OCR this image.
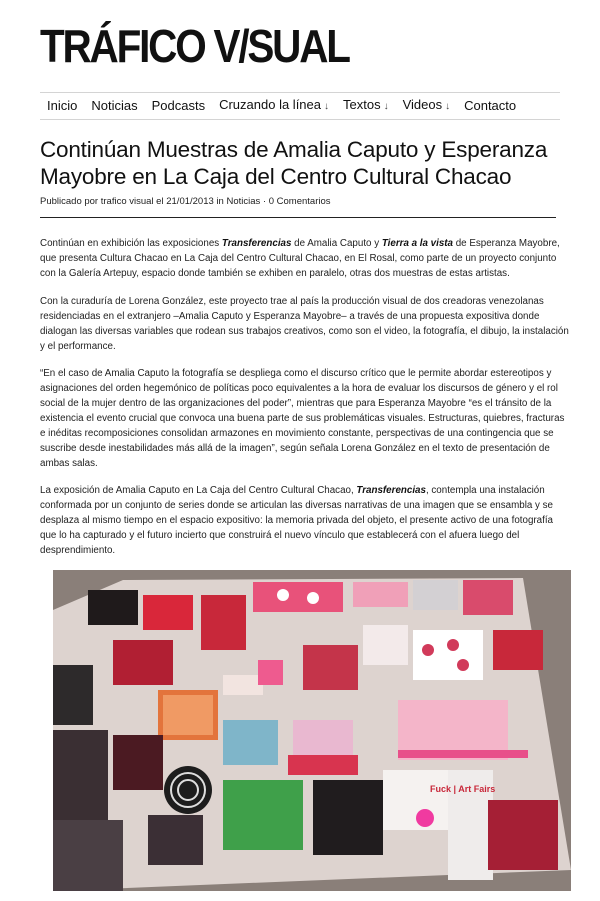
TRÁFICO V/SUAL
Inicio	Noticias	Podcasts	Cruzando la línea ↓	Textos ↓	Videos ↓	Contacto
Continúan Muestras de Amalia Caputo y Esperanza Mayobre en La Caja del Centro Cultural Chacao
Publicado por trafico visual el 21/01/2013 in Noticias · 0 Comentarios

Continúan en exhibición las exposiciones Transferencias de Amalia Caputo y Tierra a la vista de Esperanza Mayobre, que presenta Cultura Chacao en La Caja del Centro Cultural Chacao, en El Rosal, como parte de un proyecto conjunto con la Galería Artepuy, espacio donde también se exhiben en paralelo, otras dos muestras de estas artistas.

Con la curaduría de Lorena González, este proyecto trae al país la producción visual de dos creadoras venezolanas residenciadas en el extranjero –Amalia Caputo y Esperanza Mayobre– a través de una propuesta expositiva donde dialogan las diversas variables que rodean sus trabajos creativos, como son el video, la fotografía, el dibujo, la instalación y el performance.

“En el caso de Amalia Caputo la fotografía se despliega como el discurso crítico que le permite abordar estereotipos y asignaciones del orden hegemónico de políticas poco equivalentes a la hora de evaluar los discursos de género y el rol social de la mujer dentro de las organizaciones del poder”, mientras que para Esperanza Mayobre “es el tránsito de la existencia el evento crucial que convoca una buena parte de sus problemáticas visuales. Estructuras, quiebres, fracturas e inéditas recomposiciones consolidan armazones en movimiento constante, perspectivas de una contingencia que se suscribe desde inestabilidades más allá de la imagen”, según señala Lorena González en el texto de presentación de ambas salas.

La exposición de Amalia Caputo en La Caja del Centro Cultural Chacao, Transferencias, contempla una instalación conformada por un conjunto de series donde se articulan las diversas narrativas de una imagen que se ensambla y se desplaza al mismo tiempo en el espacio expositivo: la memoria privada del objeto, el presente activo de una fotografía que lo ha capturado y el futuro incierto que construirá el nuevo vínculo que establecerá con el afuera luego del desprendimiento.

Fuck | Art Fairs
